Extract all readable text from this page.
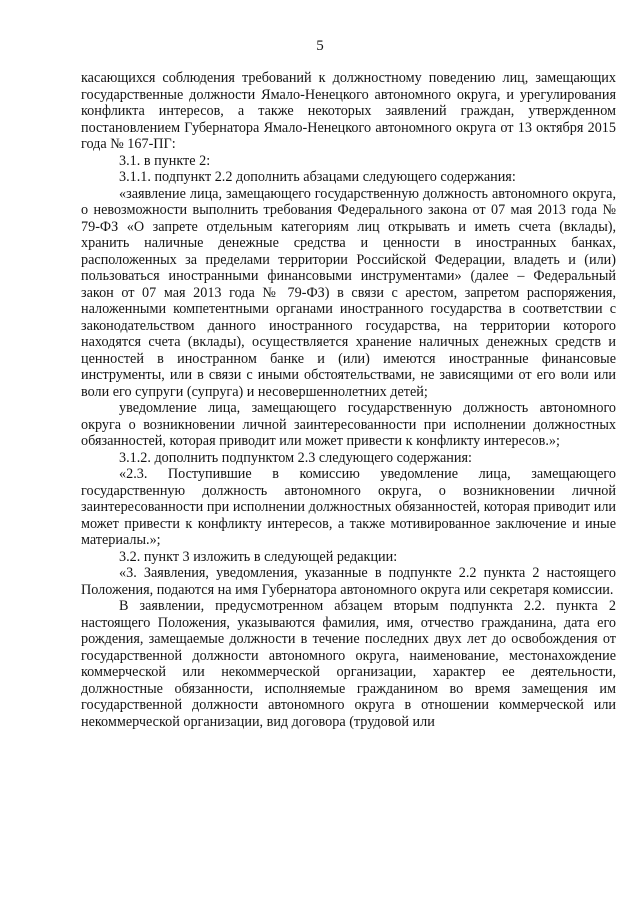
5

касающихся соблюдения требований к должностному поведению лиц, замещающих государственные должности Ямало-Ненецкого автономного округа, и урегулирования конфликта интересов, а также некоторых заявлений граждан, утвержденном постановлением Губернатора Ямало-Ненецкого автономного округа от 13 октября 2015 года № 167-ПГ:

3.1. в пункте 2:

3.1.1. подпункт 2.2 дополнить абзацами следующего содержания:

«заявление лица, замещающего государственную должность автономного округа, о невозможности выполнить требования Федерального закона от 07 мая 2013 года № 79-ФЗ «О запрете отдельным категориям лиц открывать и иметь счета (вклады), хранить наличные денежные средства и ценности в иностранных банках, расположенных за пределами территории Российской Федерации, владеть и (или) пользоваться иностранными финансовыми инструментами» (далее – Федеральный закон от 07 мая 2013 года № 79-ФЗ) в связи с арестом, запретом распоряжения, наложенными компетентными органами иностранного государства в соответствии с законодательством данного иностранного государства, на территории которого находятся счета (вклады), осуществляется хранение наличных денежных средств и ценностей в иностранном банке и (или) имеются иностранные финансовые инструменты, или в связи с иными обстоятельствами, не зависящими от его воли или воли его супруги (супруга) и несовершеннолетних детей;

уведомление лица, замещающего государственную должность автономного округа о возникновении личной заинтересованности при исполнении должностных обязанностей, которая приводит или может привести к конфликту интересов.»;

3.1.2. дополнить подпунктом 2.3 следующего содержания:

«2.3. Поступившие в комиссию уведомление лица, замещающего государственную должность автономного округа, о возникновении личной заинтересованности при исполнении должностных обязанностей, которая приводит или может привести к конфликту интересов, а также мотивированное заключение и иные материалы.»;

3.2. пункт 3 изложить в следующей редакции:

«3. Заявления, уведомления, указанные в подпункте 2.2 пункта 2 настоящего Положения, подаются на имя Губернатора автономного округа или секретаря комиссии.

В заявлении, предусмотренном абзацем вторым подпункта 2.2. пункта 2 настоящего Положения, указываются фамилия, имя, отчество гражданина, дата его рождения, замещаемые должности в течение последних двух лет до освобождения от государственной должности автономного округа, наименование, местонахождение коммерческой или некоммерческой организации, характер ее деятельности, должностные обязанности, исполняемые гражданином во время замещения им государственной должности автономного округа в отношении коммерческой или некоммерческой организации, вид договора (трудовой или
